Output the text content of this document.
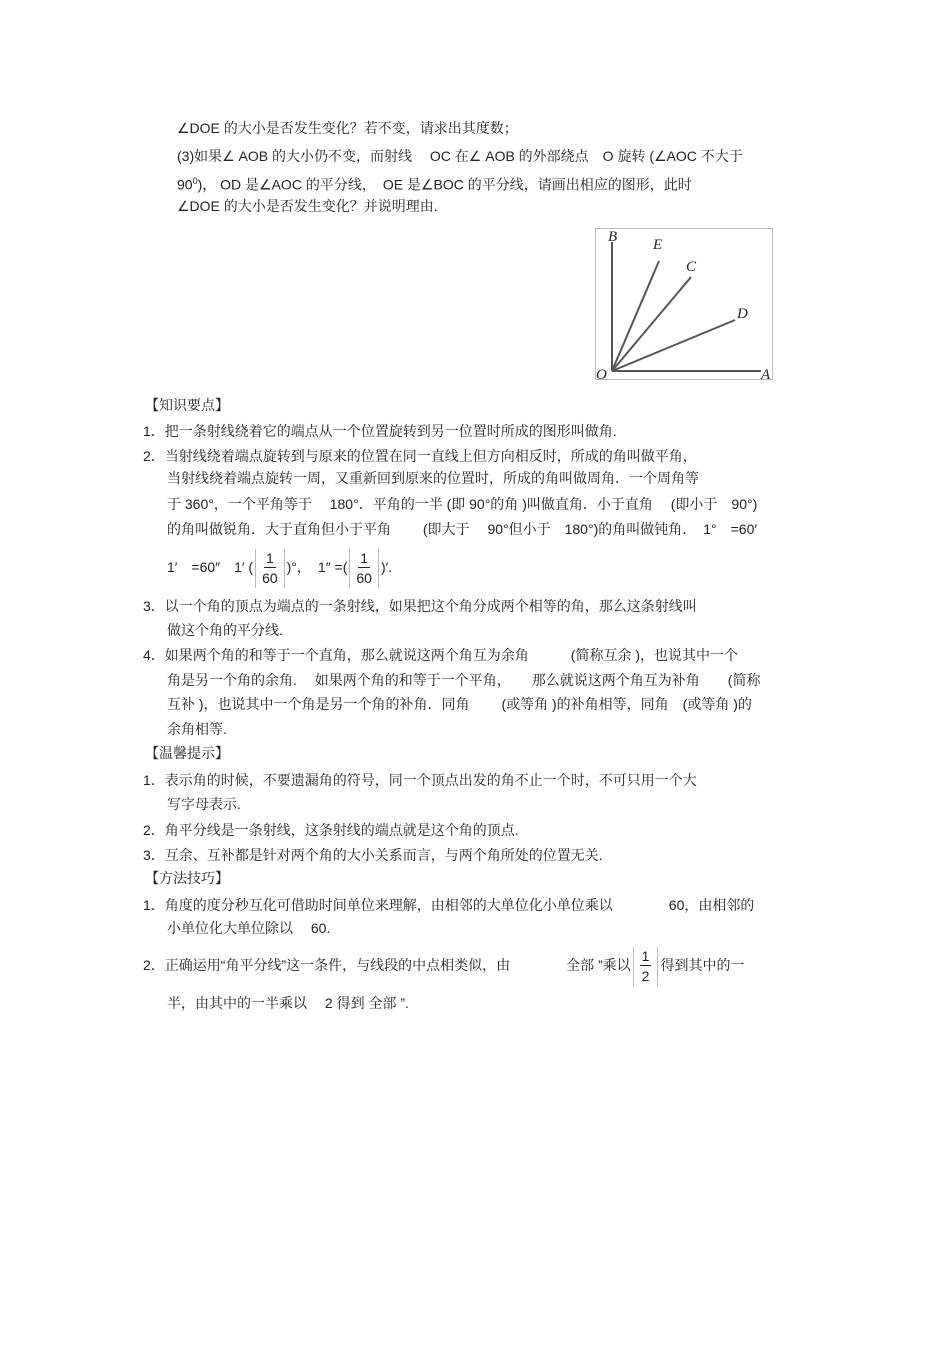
∠DOE 的大小是否发生变化？若不变，请求出其度数；
(3)如果∠ AOB 的大小仍不变，而射线　 OC 在∠ AOB 的外部绕点　O 旋转 (∠AOC 不大于
$90^0$)， OD 是∠AOC 的平分线，　OE 是∠BOC 的平分线，请画出相应的图形，此时
∠DOE 的大小是否发生变化？并说明理由.
B E
C
D
O	A
【知识要点】
1．把一条射线绕着它的端点从一个位置旋转到另一位置时所成的图形叫做角.
2．当射线绕着端点旋转到与原来的位置在同一直线上但方向相反时，所成的角叫做平角，
当射线绕着端点旋转一周，又重新回到原来的位置时，所成的角叫做周角．一个周角等
于 360°，一个平角等于　 180°．平角的一半 (即 90°的角 )叫做直角．小于直角　 (即小于　90°)
的角叫做锐角．大于直角但小于平角　　 (即大于　 90°但小于　180°)的角叫做钝角．　1°　=60′
1′　=60″　1′ ( $\frac{1}{60}$ )°，　1″ =( $\frac{1}{60}$ )′.
3．以一个角的顶点为端点的一条射线，如果把这个角分成两个相等的角，那么这条射线叫
做这个角的平分线.
4．如果两个角的和等于一个直角，那么就说这两个角互为余角　　　(简称互余 )，也说其中一个
角是另一个角的余角.　 如果两个角的和等于一个平角，　　那么就说这两个角互为补角　　(简称
互补 )，也说其中一个角是另一个角的补角．同角　　 (或等角 )的补角相等，同角　(或等角 )的
余角相等.
【温馨提示】
1．表示角的时候，不要遗漏角的符号，同一个顶点出发的角不止一个时，不可只用一个大
写字母表示.
2．角平分线是一条射线，这条射线的端点就是这个角的顶点.
3．互余、互补都是针对两个角的大小关系而言，与两个角所处的位置无关.
【方法技巧】
1．角度的度分秒互化可借助时间单位来理解，由相邻的大单位化小单位乘以　　　　60，由相邻的
小单位化大单位除以　 60.
2．正确运用“角平分线”这一条件，与线段的中点相类似，由　　　　全部 ”乘以 $\frac{1}{2}$ 得到其中的一
半，由其中的一半乘以　 2 得到 全部 ”.
